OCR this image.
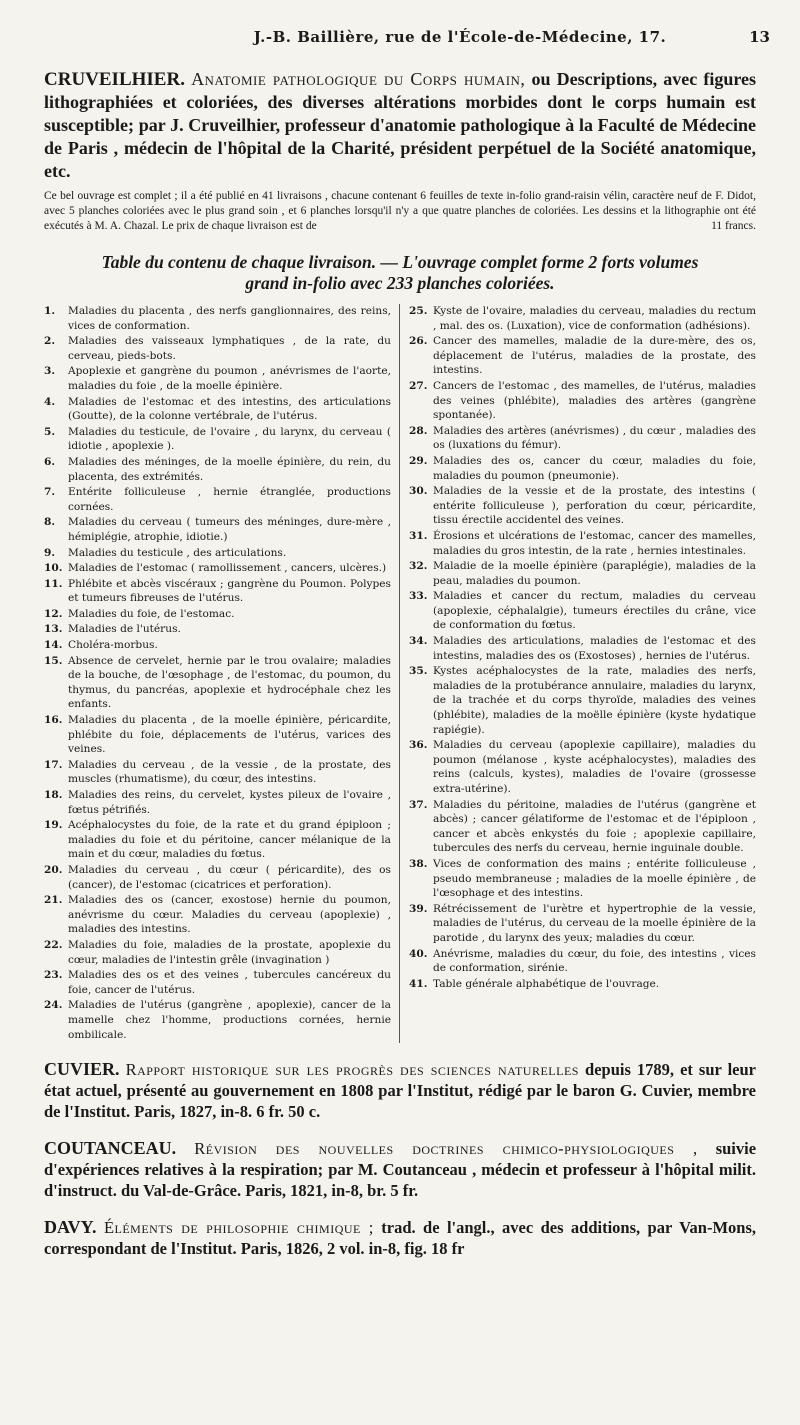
J.-B. Baillière, rue de l'École-de-Médecine, 17.	13
CRUVEILHIER. Anatomie pathologique du Corps humain, ou Descriptions, avec figures lithographiées et coloriées, des diverses altérations morbides dont le corps humain est susceptible; par J. Cruveilhier, professeur d'anatomie pathologique à la Faculté de Médecine de Paris , médecin de l'hôpital de la Charité, président perpétuel de la Société anatomique, etc.
Ce bel ouvrage est complet ; il a été publié en 41 livraisons , chacune contenant 6 feuilles de texte in-folio grand-raisin vélin, caractère neuf de F. Didot, avec 5 planches coloriées avec le plus grand soin , et 6 planches lorsqu'il n'y a que quatre planches de coloriées. Les dessins et la lithographie ont été exécutés à M. A. Chazal. Le prix de chaque livraison est de	11 francs.
Table du contenu de chaque livraison. — L'ouvrage complet forme 2 forts volumes
grand in-folio avec 233 planches coloriées.
1.	Maladies du placenta , des nerfs ganglionnaires, des reins, vices de conformation.
2.	Maladies des vaisseaux lymphatiques , de la rate, du cerveau, pieds-bots.
3.	Apoplexie et gangrène du poumon , anévrismes de l'aorte, maladies du foie , de la moelle épinière.
4.	Maladies de l'estomac et des intestins, des articulations (Goutte), de la colonne vertébrale, de l'utérus.
5.	Maladies du testicule, de l'ovaire , du larynx, du cerveau ( idiotie , apoplexie ).
6.	Maladies des méninges, de la moelle épinière, du rein, du placenta, des extrémités.
7.	Entérite folliculeuse , hernie étranglée, productions cornées.
8.	Maladies du cerveau ( tumeurs des méninges, dure-mère , hémiplégie, atrophie, idiotie.)
9.	Maladies du testicule , des articulations.
10. Maladies de l'estomac ( ramollissement , cancers, ulcères.)
11. Phlébite et abcès viscéraux ; gangrène du Poumon. Polypes et tumeurs fibreuses de l'utérus.
12. Maladies du foie, de l'estomac.
13. Maladies de l'utérus.
14. Choléra-morbus.
15. Absence de cervelet, hernie par le trou ovalaire; maladies de la bouche, de l'œsophage , de l'estomac, du poumon, du thymus, du pancréas, apoplexie et hydrocéphale chez les enfants.
16. Maladies du placenta , de la moelle épinière, péricardite, phlébite du foie, déplacements de l'utérus, varices des veines.
17. Maladies du cerveau , de la vessie , de la prostate, des muscles (rhumatisme), du cœur, des intestins.
18. Maladies des reins, du cervelet, kystes pileux de l'ovaire , fœtus pétrifiés.
19. Acéphalocystes du foie, de la rate et du grand épiploon ; maladies du foie et du péritoine, cancer mélanique de la main et du cœur, maladies du fœtus.
20. Maladies du cerveau , du cœur ( péricardite), des os (cancer), de l'estomac (cicatrices et perforation).
21. Maladies des os (cancer, exostose) hernie du poumon, anévrisme du cœur. Maladies du cerveau (apoplexie) , maladies des intestins.
22. Maladies du foie, maladies de la prostate, apoplexie du cœur, maladies de l'intestin grêle (invagination )
23. Maladies des os et des veines , tubercules cancéreux du foie, cancer de l'utérus.
24. Maladies de l'utérus (gangrène , apoplexie), cancer de la mamelle chez l'homme, productions cornées, hernie ombilicale.
25. Kyste de l'ovaire, maladies du cerveau, maladies du rectum , mal. des os. (Luxation), vice de conformation (adhésions).
26. Cancer des mamelles, maladie de la dure-mère, des os, déplacement de l'utérus, maladies de la prostate, des intestins.
27. Cancers de l'estomac , des mamelles, de l'utérus, maladies des veines (phlébite), maladies des artères (gangrène spontanée).
28. Maladies des artères (anévrismes) , du cœur , maladies des os (luxations du fémur).
29. Maladies des os, cancer du cœur, maladies du foie, maladies du poumon (pneumonie).
30. Maladies de la vessie et de la prostate, des intestins ( entérite folliculeuse ), perforation du cœur, péricardite, tissu érectile accidentel des veines.
31. Érosions et ulcérations de l'estomac, cancer des mamelles, maladies du gros intestin, de la rate , hernies intestinales.
32. Maladie de la moelle épinière (paraplégie), maladies de la peau, maladies du poumon.
33. Maladies et cancer du rectum, maladies du cerveau (apoplexie, céphalalgie), tumeurs érectiles du crâne, vice de conformation du fœtus.
34. Maladies des articulations, maladies de l'estomac et des intestins, maladies des os (Exostoses) , hernies de l'utérus.
35. Kystes acéphalocystes de la rate, maladies des nerfs, maladies de la protubérance annulaire, maladies du larynx, de la trachée et du corps thyroïde, maladies des veines (phlébite), maladies de la moëlle épinière (kyste hydatique rapiégie).
36. Maladies du cerveau (apoplexie capillaire), maladies du poumon (mélanose , kyste acéphalocystes), maladies des reins (calculs, kystes), maladies de l'ovaire (grossesse extra-utérine).
37. Maladies du péritoine, maladies de l'utérus (gangrène et abcès) ; cancer gélatiforme de l'estomac et de l'épiploon , cancer et abcès enkystés du foie ; apoplexie capillaire, tubercules des nerfs du cerveau, hernie inguinale double.
38. Vices de conformation des mains ; entérite folliculeuse , pseudo membraneuse ; maladies de la moelle épinière , de l'œsophage et des intestins.
39. Rétrécissement de l'urètre et hypertrophie de la vessie, maladies de l'utérus, du cerveau de la moelle épinière de la parotide , du larynx des yeux; maladies du cœur.
40. Anévrisme, maladies du cœur, du foie, des intestins , vices de conformation, sirénie.
41. Table générale alphabétique de l'ouvrage.
CUVIER. Rapport historique sur les progrès des sciences naturelles depuis 1789, et sur leur état actuel, présenté au gouvernement en 1808 par l'Institut, rédigé par le baron G. Cuvier, membre de l'Institut. Paris, 1827, in-8. 6 fr. 50 c.
COUTANCEAU. Révision des nouvelles doctrines chimico-physiologiques , suivie d'expériences relatives à la respiration; par M. Coutanceau , médecin et professeur à l'hôpital milit. d'instruct. du Val-de-Grâce. Paris, 1821, in-8, br. 5 fr.
DAVY. Éléments de philosophie chimique ; trad. de l'angl., avec des additions, par Van-Mons, correspondant de l'Institut. Paris, 1826, 2 vol. in-8, fig. 18 fr
